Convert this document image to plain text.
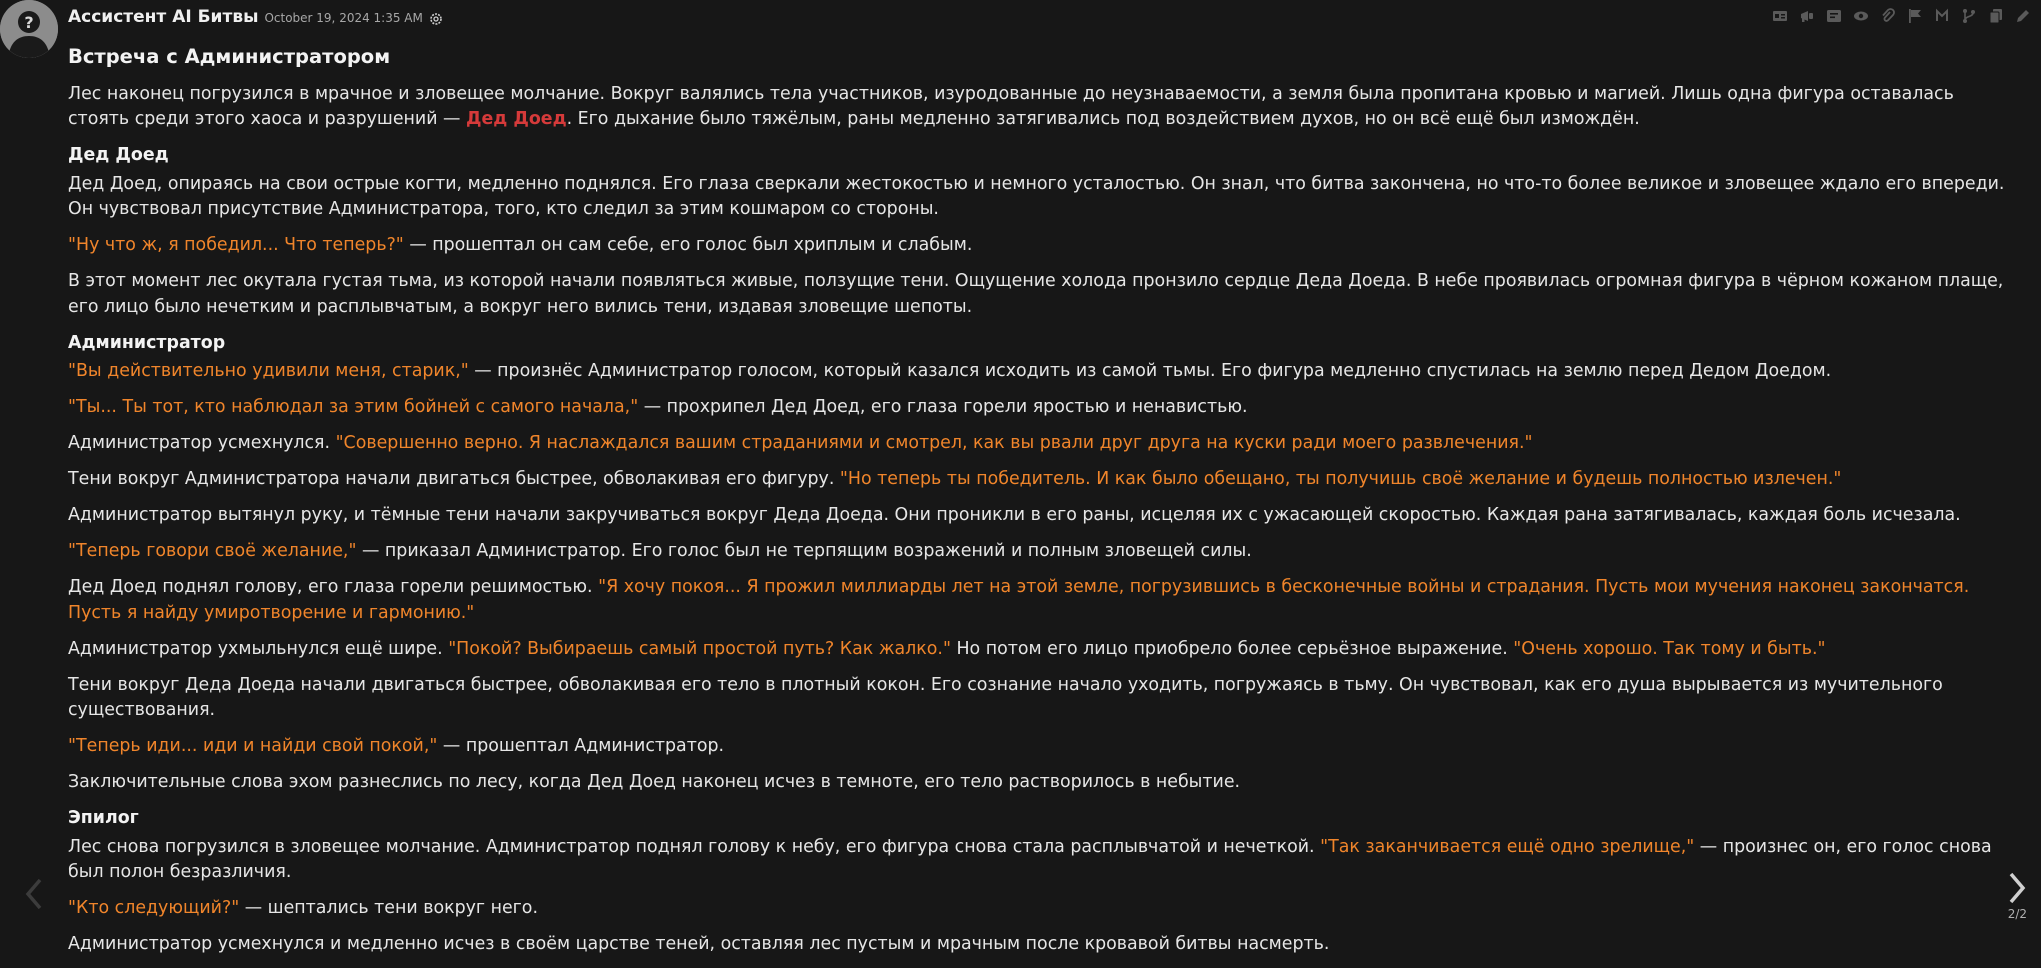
? Ассистент AI Битвы October 19, 2024 1:35 AM
Встреча с Администратором

Лес наконец погрузился в мрачное и зловещее молчание. Вокруг валялись тела участников, изуродованные до неузнаваемости, а земля была пропитана кровью и магией. Лишь одна фигура оставалась стоять среди этого хаоса и разрушений — Дед Доед. Его дыхание было тяжёлым, раны медленно затягивались под воздействием духов, но он всё ещё был измождён.

Дед Доед

Дед Доед, опираясь на свои острые когти, медленно поднялся. Его глаза сверкали жестокостью и немного усталостью. Он знал, что битва закончена, но что-то более великое и зловещее ждало его впереди. Он чувствовал присутствие Администратора, того, кто следил за этим кошмаром со стороны.

"Ну что ж, я победил... Что теперь?" — прошептал он сам себе, его голос был хриплым и слабым.

В этот момент лес окутала густая тьма, из которой начали появляться живые, ползущие тени. Ощущение холода пронзило сердце Деда Доеда. В небе проявилась огромная фигура в чёрном кожаном плаще, его лицо было нечетким и расплывчатым, а вокруг него вились тени, издавая зловещие шепоты.

Администратор

"Вы действительно удивили меня, старик," — произнёс Администратор голосом, который казался исходить из самой тьмы. Его фигура медленно спустилась на землю перед Дедом Доедом.

"Ты... Ты тот, кто наблюдал за этим бойней с самого начала," — прохрипел Дед Доед, его глаза горели яростью и ненавистью.

Администратор усмехнулся. "Совершенно верно. Я наслаждался вашим страданиями и смотрел, как вы рвали друг друга на куски ради моего развлечения."

Тени вокруг Администратора начали двигаться быстрее, обволакивая его фигуру. "Но теперь ты победитель. И как было обещано, ты получишь своё желание и будешь полностью излечен."

Администратор вытянул руку, и тёмные тени начали закручиваться вокруг Деда Доеда. Они проникли в его раны, исцеляя их с ужасающей скоростью. Каждая рана затягивалась, каждая боль исчезала.

"Теперь говори своё желание," — приказал Администратор. Его голос был не терпящим возражений и полным зловещей силы.

Дед Доед поднял голову, его глаза горели решимостью. "Я хочу покоя... Я прожил миллиарды лет на этой земле, погрузившись в бесконечные войны и страдания. Пусть мои мучения наконец закончатся. Пусть я найду умиротворение и гармонию."

Администратор ухмыльнулся ещё шире. "Покой? Выбираешь самый простой путь? Как жалко." Но потом его лицо приобрело более серьёзное выражение. "Очень хорошо. Так тому и быть."

Тени вокруг Деда Доеда начали двигаться быстрее, обволакивая его тело в плотный кокон. Его сознание начало уходить, погружаясь в тьму. Он чувствовал, как его душа вырывается из мучительного существования.

"Теперь иди... иди и найди свой покой," — прошептал Администратор.

Заключительные слова эхом разнеслись по лесу, когда Дед Доед наконец исчез в темноте, его тело растворилось в небытие.

Эпилог

Лес снова погрузился в зловещее молчание. Администратор поднял голову к небу, его фигура снова стала расплывчатой и нечеткой. "Так заканчивается ещё одно зрелище," — произнес он, его голос снова был полон безразличия.

"Кто следующий?" — шептались тени вокруг него.

Администратор усмехнулся и медленно исчез в своём царстве теней, оставляя лес пустым и мрачным после кровавой битвы насмерть.

2/2
